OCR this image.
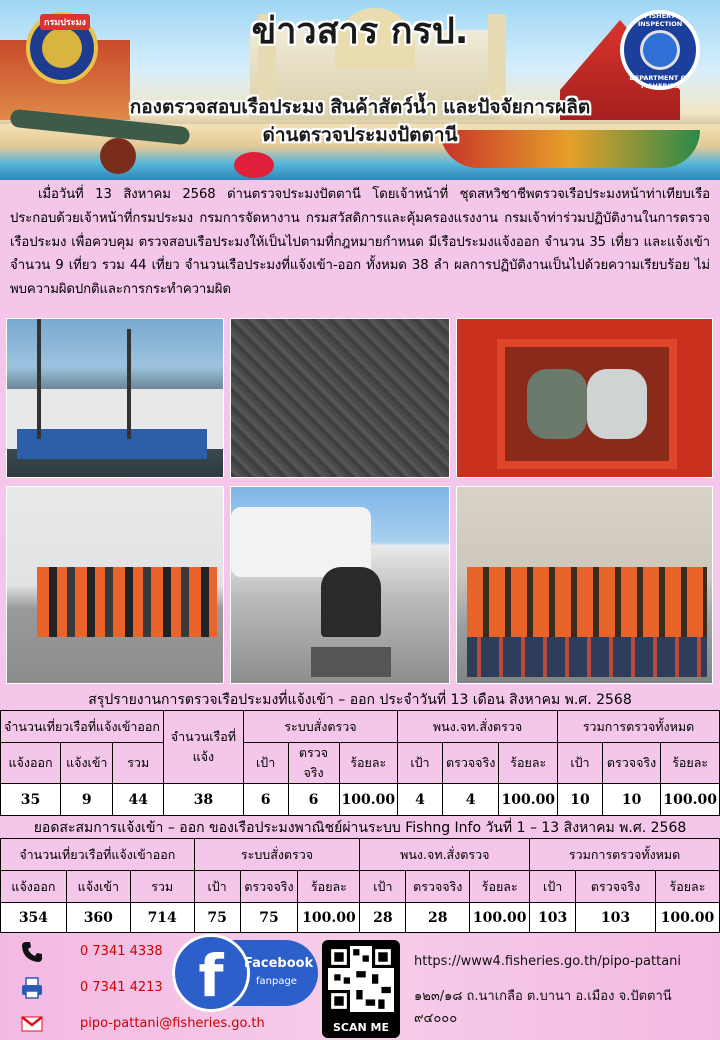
กรมประมง
FISHERY INSPECTION
DEPARTMENT OF FISHERIES
ข่าวสาร กรป.
กองตรวจสอบเรือประมง สินค้าสัตว์น้ำ และปัจจัยการผลิต
ด่านตรวจประมงปัตตานี

เมื่อวันที่ 13 สิงหาคม 2568 ด่านตรวจประมงปัตตานี โดยเจ้าหน้าที่ ชุดสหวิชาชีพตรวจเรือประมงหน้าท่าเทียบเรือ ประกอบด้วยเจ้าหน้าที่กรมประมง กรมการจัดหางาน กรมสวัสดิการและคุ้มครองแรงงาน กรมเจ้าท่าร่วมปฏิบัติงานในการตรวจเรือประมง เพื่อควบคุม ตรวจสอบเรือประมงให้เป็นไปตามที่กฎหมายกำหนด มีเรือประมงแจ้งออก จำนวน 35 เที่ยว และแจ้งเข้า จำนวน 9 เที่ยว รวม 44 เที่ยว จำนวนเรือประมงที่แจ้งเข้า-ออก ทั้งหมด 38 ลำ ผลการปฏิบัติงานเป็นไปด้วยความเรียบร้อย ไม่พบความผิดปกติและการกระทำความผิด

สรุปรายงานการตรวจเรือประมงที่แจ้งเข้า – ออก ประจำวันที่ 13 เดือน สิงหาคม พ.ศ. 2568
จำนวนเที่ยวเรือที่แจ้งเข้าออก			จำนวนเรือที่แจ้ง	ระบบสั่งตรวจ			พนง.จท.สั่งตรวจ			รวมการตรวจทั้งหมด		
แจ้งออก	แจ้งเข้า	รวม		เป้า	ตรวจจริง	ร้อยละ	เป้า	ตรวจจริง	ร้อยละ	เป้า	ตรวจจริง	ร้อยละ
35	9	44	38	6	6	100.00	4	4	100.00	10	10	100.00
ยอดสะสมการแจ้งเข้า – ออก ของเรือประมงพาณิชย์ผ่านระบบ Fishng Info วันที่ 1 – 13 สิงหาคม พ.ศ. 2568
จำนวนเที่ยวเรือที่แจ้งเข้าออก			ระบบสั่งตรวจ			พนง.จท.สั่งตรวจ			รวมการตรวจทั้งหมด		
แจ้งออก	แจ้งเข้า	รวม	เป้า	ตรวจจริง	ร้อยละ	เป้า	ตรวจจริง	ร้อยละ	เป้า	ตรวจจริง	ร้อยละ
354	360	714	75	75	100.00	28	28	100.00	103	103	100.00
0 7341 4338
0 7341 4213
pipo-pattani@fisheries.go.th
f	Facebook
fanpage
SCAN ME
https://www4.fisheries.go.th/pipo-pattani
๑๒๓/๑๘ ถ.นาเกลือ ต.บานา อ.เมือง จ.ปัตตานี ๙๔๐๐๐
